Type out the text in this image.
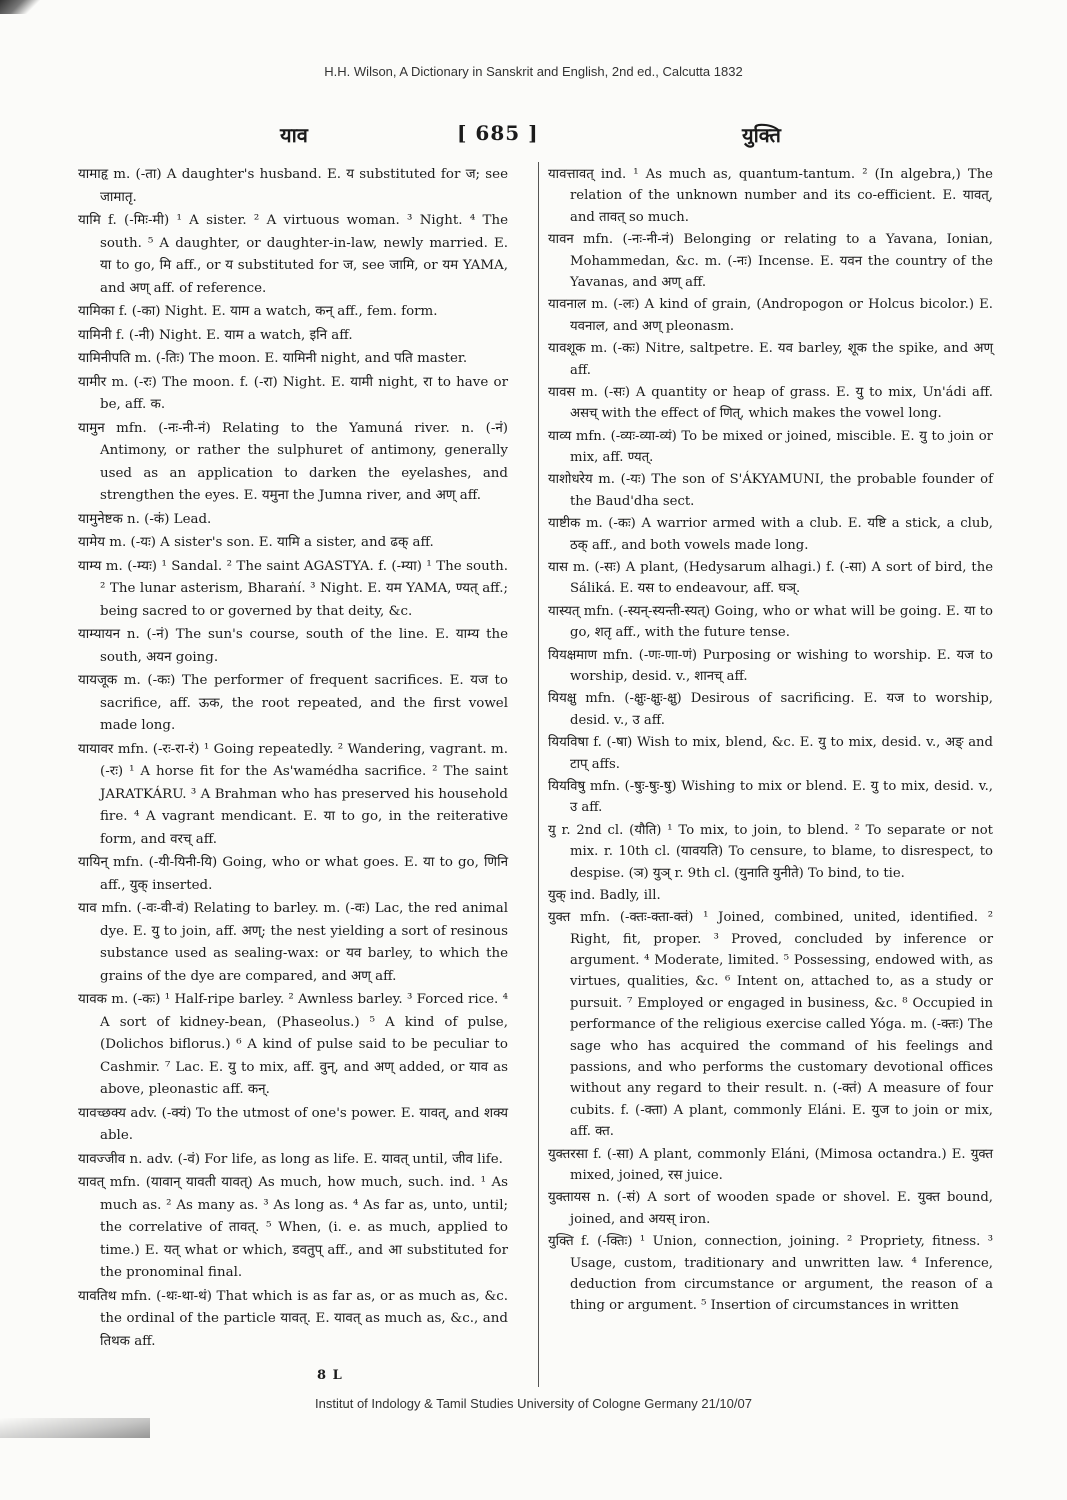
H.H. Wilson, A Dictionary in Sanskrit and English, 2nd ed., Calcutta 1832
याव	[ 685 ]	युक्ति

यामाहृ m. (-ता) A daughter's husband. E. य substituted for ज; see जामातृ.

यामि f. (-मिः-मी) ¹ A sister. ² A virtuous woman. ³ Night. ⁴ The south. ⁵ A daughter, or daughter-in-law, newly married. E. या to go, मि aff., or य substituted for ज, see जामि, or यम YAMA, and अण् aff. of reference.

यामिका f. (-का) Night. E. याम a watch, कन् aff., fem. form.

यामिनी f. (-नी) Night. E. याम a watch, इनि aff.

यामिनीपति m. (-तिः) The moon. E. यामिनी night, and पति master.

यामीर m. (-रः) The moon. f. (-रा) Night. E. यामी night, रा to have or be, aff. क.

यामुन mfn. (-नः-नी-नं) Relating to the Yamuná river. n. (-नं) Antimony, or rather the sulphuret of antimony, generally used as an application to darken the eyelashes, and strengthen the eyes. E. यमुना the Jumna river, and अण् aff.

यामुनेष्टक n. (-कं) Lead.

यामेय m. (-यः) A sister's son. E. यामि a sister, and ढक् aff.

याम्य m. (-म्यः) ¹ Sandal. ² The saint AGASTYA. f. (-म्या) ¹ The south. ² The lunar asterism, Bharaṅí. ³ Night. E. यम YAMA, ण्यत् aff.; being sacred to or governed by that deity, &c.

याम्यायन n. (-नं) The sun's course, south of the line. E. याम्य the south, अयन going.

यायजूक m. (-कः) The performer of frequent sacrifices. E. यज to sacrifice, aff. ऊक, the root repeated, and the first vowel made long.

यायावर mfn. (-रः-रा-रं) ¹ Going repeatedly. ² Wandering, vagrant. m. (-रः) ¹ A horse fit for the As'wamédha sacrifice. ² The saint JARATKÁRU. ³ A Brahman who has preserved his household fire. ⁴ A vagrant mendicant. E. या to go, in the reiterative form, and वरच् aff.

यायिन् mfn. (-यी-यिनी-यि) Going, who or what goes. E. या to go, णिनि aff., युक् inserted.

याव mfn. (-वः-वी-वं) Relating to barley. m. (-वः) Lac, the red animal dye. E. यु to join, aff. अण्; the nest yielding a sort of resinous substance used as sealing-wax: or यव barley, to which the grains of the dye are compared, and अण् aff.

यावक m. (-कः) ¹ Half-ripe barley. ² Awnless barley. ³ Forced rice. ⁴ A sort of kidney-bean, (Phaseolus.) ⁵ A kind of pulse, (Dolichos biflorus.) ⁶ A kind of pulse said to be peculiar to Cashmir. ⁷ Lac. E. यु to mix, aff. वुन्, and अण् added, or याव as above, pleonastic aff. कन्.

यावच्छक्य adv. (-क्यं) To the utmost of one's power. E. यावत्, and शक्य able.

यावज्जीव n. adv. (-वं) For life, as long as life. E. यावत् until, जीव life.

यावत् mfn. (यावान् यावती यावत्) As much, how much, such. ind. ¹ As much as. ² As many as. ³ As long as. ⁴ As far as, unto, until; the correlative of तावत्. ⁵ When, (i. e. as much, applied to time.) E. यत् what or which, डवतुप् aff., and आ substituted for the pronominal final.

यावतिथ mfn. (-थः-था-थं) That which is as far as, or as much as, &c. the ordinal of the particle यावत्. E. यावत् as much as, &c., and तिथक aff.

यावत्तावत् ind. ¹ As much as, quantum-tantum. ² (In algebra,) The relation of the unknown number and its co-efficient. E. यावत्, and तावत् so much.

यावन mfn. (-नः-नी-नं) Belonging or relating to a Yavana, Ionian, Mohammedan, &c. m. (-नः) Incense. E. यवन the country of the Yavanas, and अण् aff.

यावनाल m. (-लः) A kind of grain, (Andropogon or Holcus bicolor.) E. यवनाल, and अण् pleonasm.

यावशूक m. (-कः) Nitre, saltpetre. E. यव barley, शूक the spike, and अण् aff.

यावस m. (-सः) A quantity or heap of grass. E. यु to mix, Un'ádi aff. असच् with the effect of णित्, which makes the vowel long.

याव्य mfn. (-व्यः-व्या-व्यं) To be mixed or joined, miscible. E. यु to join or mix, aff. ण्यत्.

याशोधरेय m. (-यः) The son of S'ÁKYAMUNI, the probable founder of the Baud'dha sect.

याष्टीक m. (-कः) A warrior armed with a club. E. यष्टि a stick, a club, ठक् aff., and both vowels made long.

यास m. (-सः) A plant, (Hedysarum alhagi.) f. (-सा) A sort of bird, the Sáliká. E. यस to endeavour, aff. घञ्.

यास्यत् mfn. (-स्यन्-स्यन्ती-स्यत्) Going, who or what will be going. E. या to go, शतृ aff., with the future tense.

यियक्षमाण mfn. (-णः-णा-णं) Purposing or wishing to worship. E. यज to worship, desid. v., शानच् aff.

यियक्षु mfn. (-क्षुः-क्षुः-क्षु) Desirous of sacrificing. E. यज to worship, desid. v., उ aff.

यियविषा f. (-षा) Wish to mix, blend, &c. E. यु to mix, desid. v., अङ् and टाप् affs.

यियविषु mfn. (-षुः-षुः-षु) Wishing to mix or blend. E. यु to mix, desid. v., उ aff.

यु r. 2nd cl. (यौति) ¹ To mix, to join, to blend. ² To separate or not mix. r. 10th cl. (यावयति) To censure, to blame, to disrespect, to despise. (ञ) युञ् r. 9th cl. (युनाति युनीते) To bind, to tie.

युक् ind. Badly, ill.

युक्त mfn. (-क्तः-क्ता-क्तं) ¹ Joined, combined, united, identified. ² Right, fit, proper. ³ Proved, concluded by inference or argument. ⁴ Moderate, limited. ⁵ Possessing, endowed with, as virtues, qualities, &c. ⁶ Intent on, attached to, as a study or pursuit. ⁷ Employed or engaged in business, &c. ⁸ Occupied in performance of the religious exercise called Yóga. m. (-क्तः) The sage who has acquired the command of his feelings and passions, and who performs the customary devotional offices without any regard to their result. n. (-क्तं) A measure of four cubits. f. (-क्ता) A plant, commonly Eláni. E. युज to join or mix, aff. क्त.

युक्तरसा f. (-सा) A plant, commonly Eláni, (Mimosa octandra.) E. युक्त mixed, joined, रस juice.

युक्तायस n. (-सं) A sort of wooden spade or shovel. E. युक्त bound, joined, and अयस् iron.

युक्ति f. (-क्तिः) ¹ Union, connection, joining. ² Propriety, fitness. ³ Usage, custom, traditionary and unwritten law. ⁴ Inference, deduction from circumstance or argument, the reason of a thing or argument. ⁵ Insertion of circumstances in written

8 L
Institut of Indology & Tamil Studies University of Cologne Germany 21/10/07
